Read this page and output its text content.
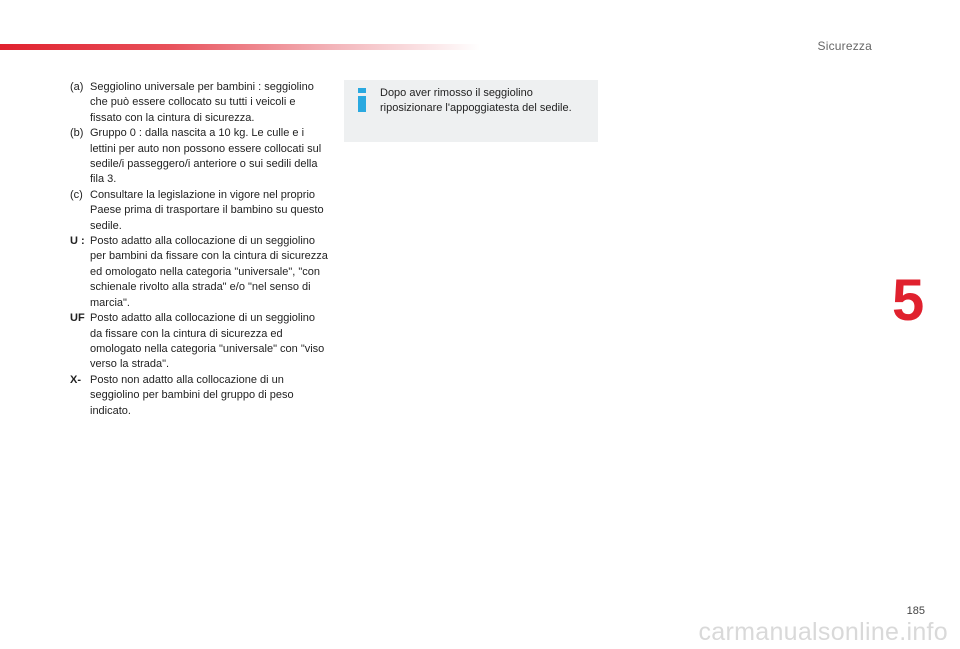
Sicurezza
5
(a) Seggiolino universale per bambini : seggiolino che può essere collocato su tutti i veicoli e fissato con la cintura di sicurezza.
(b) Gruppo 0 : dalla nascita a 10 kg. Le culle e i lettini per auto non possono essere collocati sul sedile/i passeggero/i anteriore o sui sedili della fila 3.
(c) Consultare la legislazione in vigore nel proprio Paese prima di trasportare il bambino su questo sedile.
U : Posto adatto alla collocazione di un seggiolino per bambini da fissare con la cintura di sicurezza ed omologato nella categoria "universale", "con schienale rivolto alla strada" e/o "nel senso di marcia".
UF Posto adatto alla collocazione di un seggiolino da fissare con la cintura di sicurezza ed omologato nella categoria "universale" con "viso verso la strada".
X- Posto non adatto alla collocazione di un seggiolino per bambini del gruppo di peso indicato.
Dopo aver rimosso il seggiolino riposizionare l'appoggiatesta del sedile.
185
carmanualsonline.info
